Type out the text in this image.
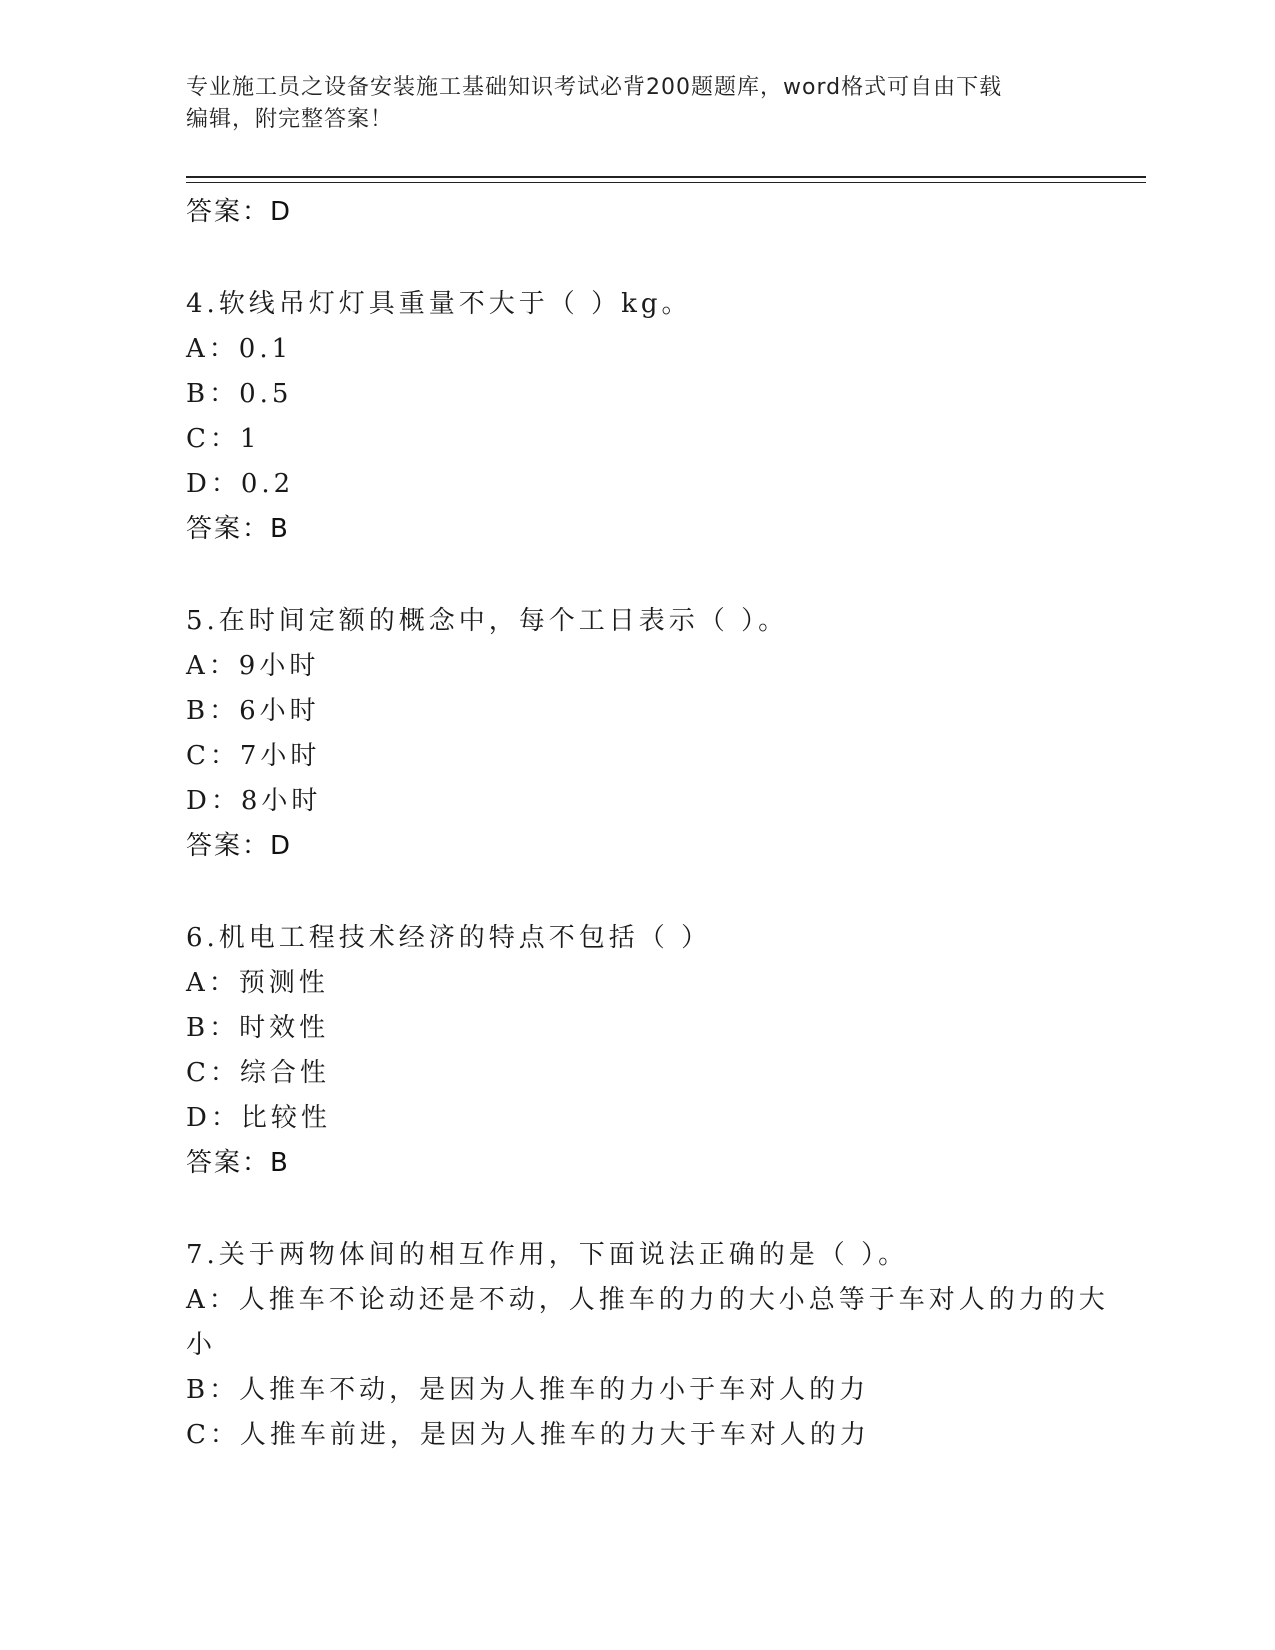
专业施工员之设备安装施工基础知识考试必背200题题库，word格式可自由下载
编辑，附完整答案！
答案：D
4.软线吊灯灯具重量不大于（ ）kg。
A：0.1
B：0.5
C：1
D：0.2
答案：B
5.在时间定额的概念中，每个工日表示（ ）。
A：9小时
B：6小时
C：7小时
D：8小时
答案：D
6.机电工程技术经济的特点不包括（ ）
A：预测性
B：时效性
C：综合性
D：比较性
答案：B
7.关于两物体间的相互作用，下面说法正确的是（ ）。
A：人推车不论动还是不动，人推车的力的大小总等于车对人的力的大
小
B：人推车不动，是因为人推车的力小于车对人的力
C：人推车前进，是因为人推车的力大于车对人的力
